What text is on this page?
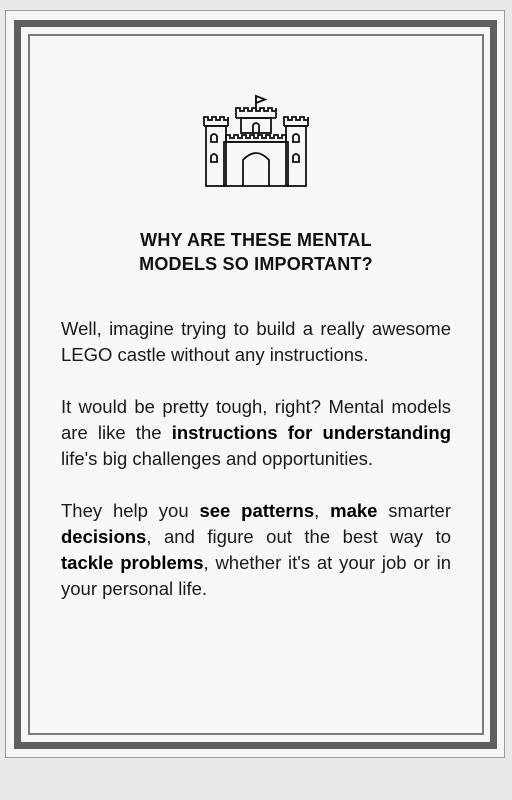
WHY ARE THESE MENTAL
MODELS SO IMPORTANT?

Well, imagine trying to build a really awesome LEGO castle without any instructions.

It would be pretty tough, right? Mental models are like the instructions for understanding life's big challenges and opportunities.

They help you see patterns, make smarter decisions, and figure out the best way to tackle problems, whether it's at your job or in your personal life.
